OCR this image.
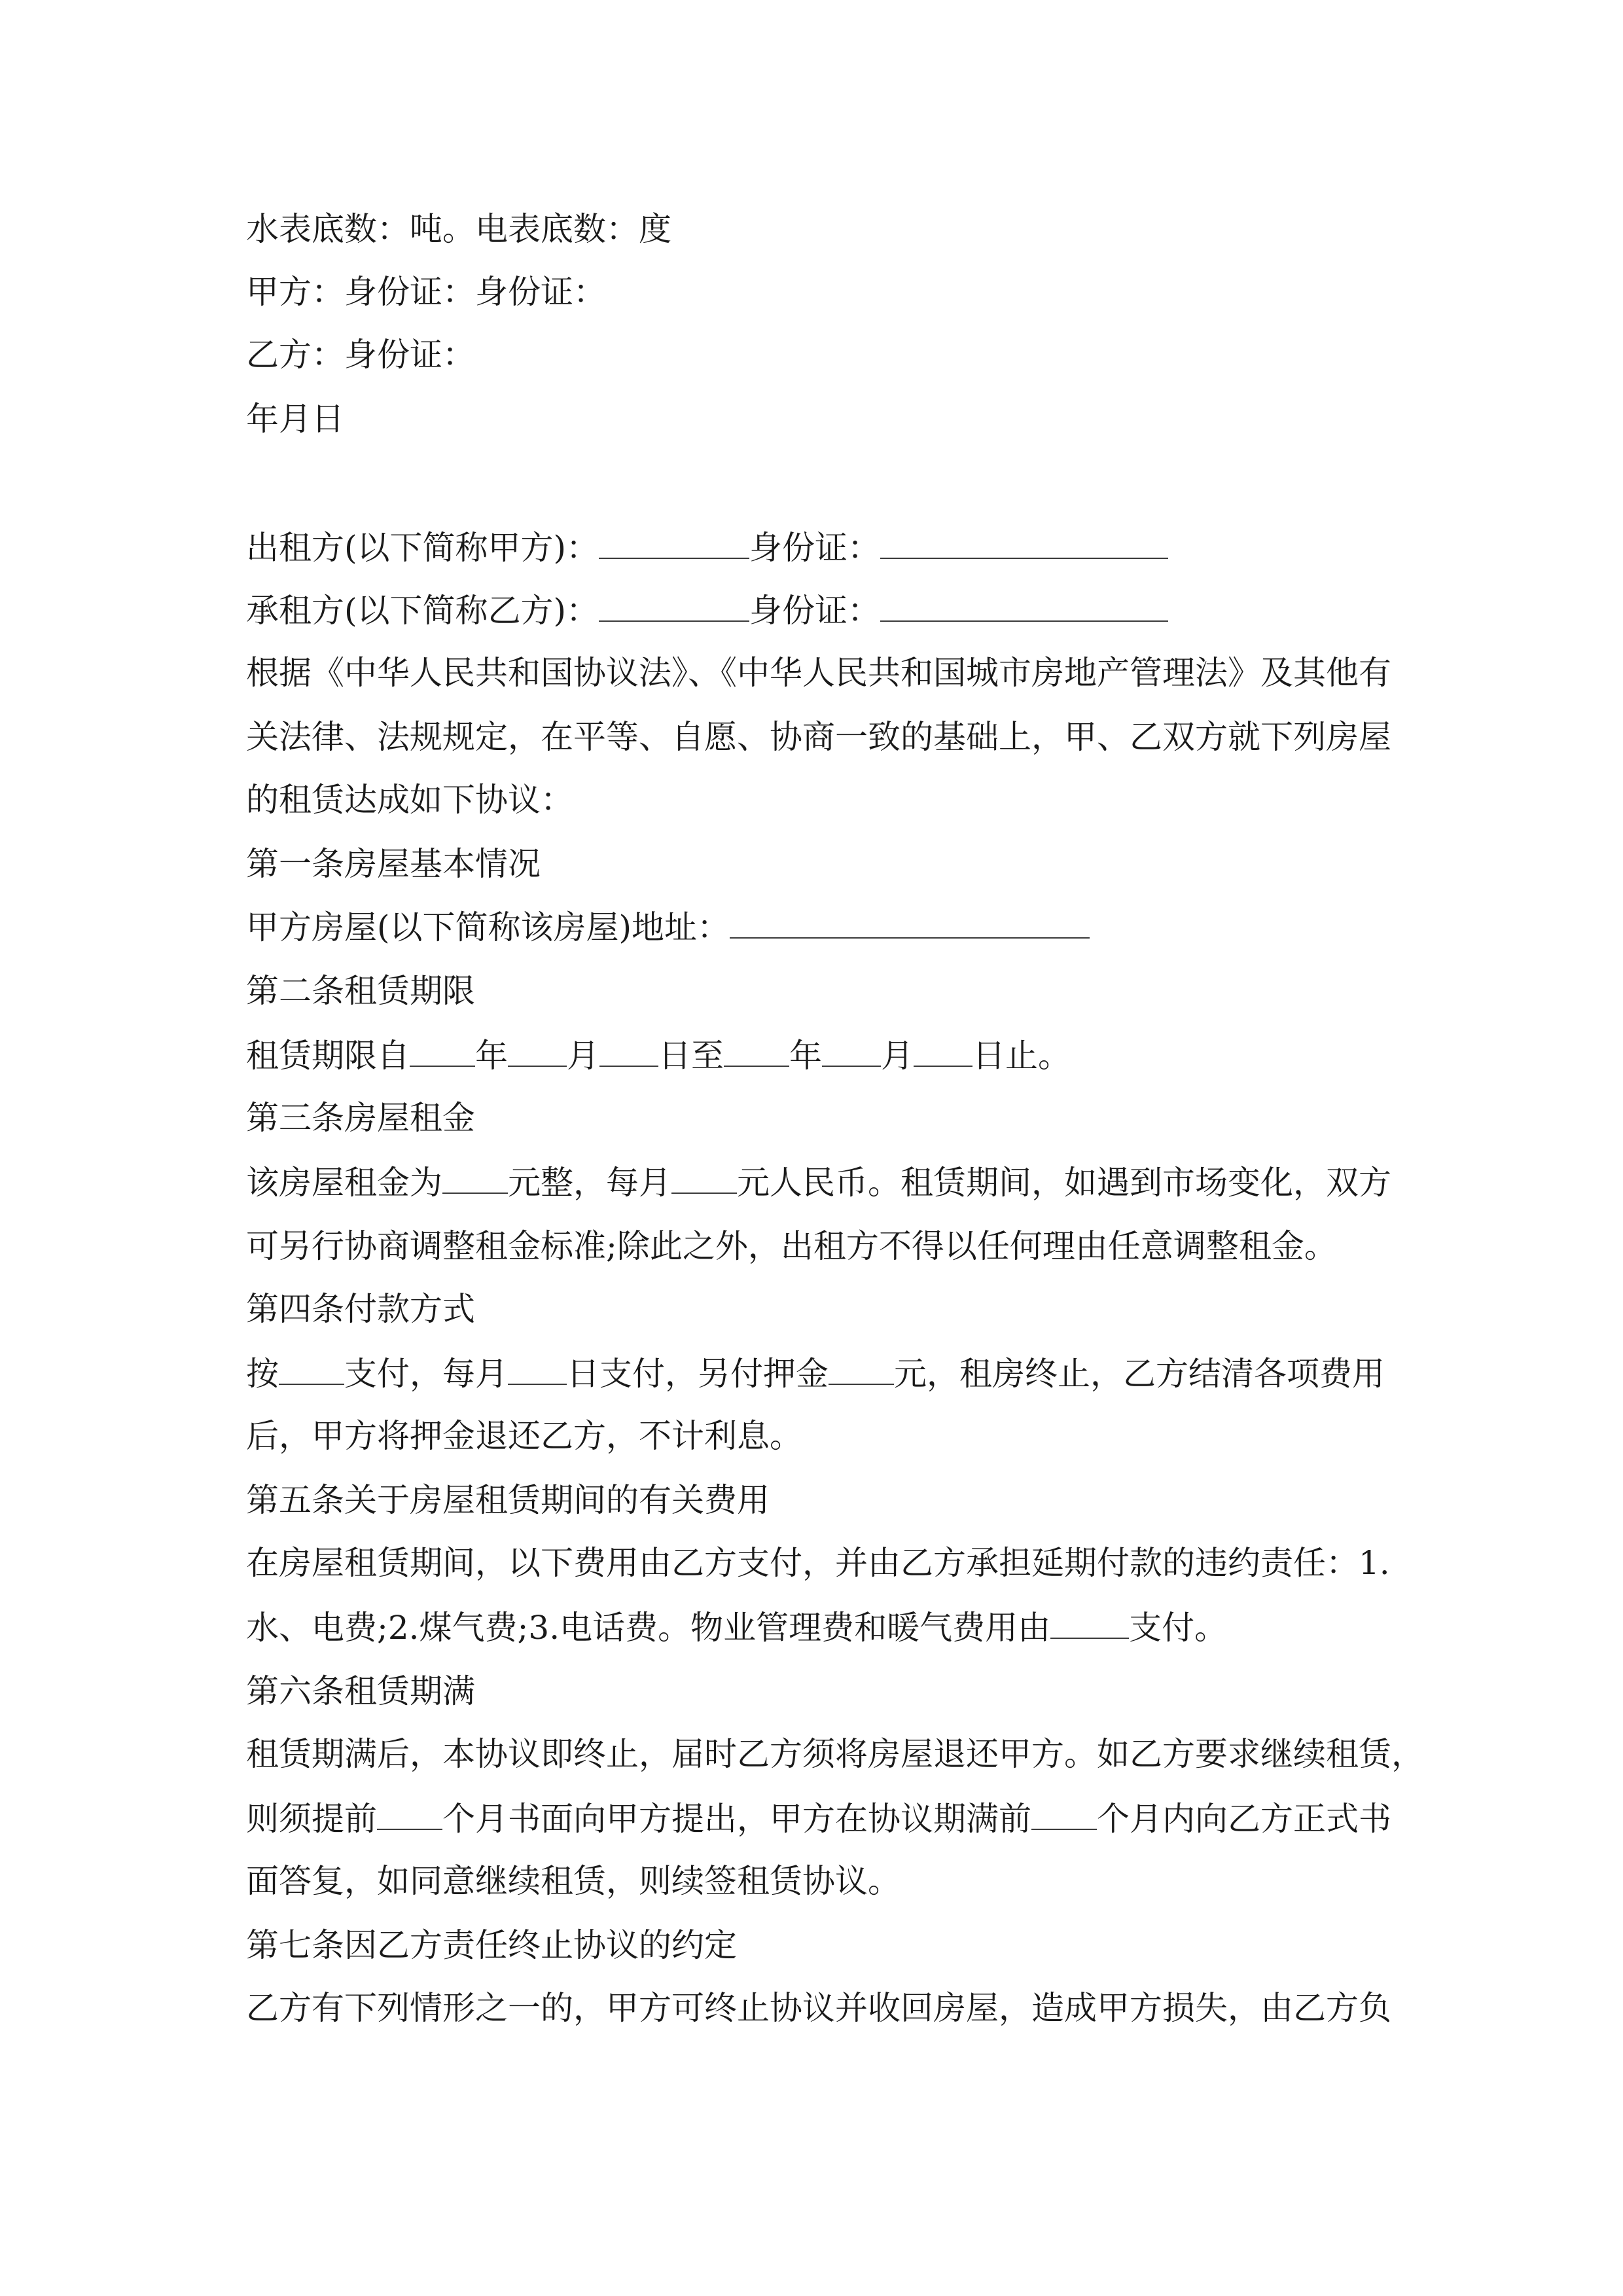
水表底数：吨。电表底数：度

甲方：身份证：身份证：

乙方：身份证：

年月日

出租方(以下简称甲方)：	身份证：

承租方(以下简称乙方)：	身份证：

根据《中华人民共和国协议法》、《中华人民共和国城市房地产管理法》及其他有

关法律、法规规定，在平等、自愿、协商一致的基础上，甲、乙双方就下列房屋

的租赁达成如下协议：

第一条房屋基本情况

甲方房屋(以下简称该房屋)地址：

第二条租赁期限

租赁期限自 年 月 日至 年 月 日止。

第三条房屋租金

该房屋租金为 元整，每月 元人民币。租赁期间，如遇到市场变化，双方

可另行协商调整租金标准;除此之外，出租方不得以任何理由任意调整租金。

第四条付款方式

按 支付，每月 日支付，另付押金 元，租房终止，乙方结清各项费用

后，甲方将押金退还乙方，不计利息。

第五条关于房屋租赁期间的有关费用

在房屋租赁期间，以下费用由乙方支付，并由乙方承担延期付款的违约责任：1.

水、电费;2.煤气费;3.电话费。物业管理费和暖气费用由 支付。

第六条租赁期满

租赁期满后，本协议即终止，届时乙方须将房屋退还甲方。如乙方要求继续租赁，

则须提前 个月书面向甲方提出，甲方在协议期满前 个月内向乙方正式书

面答复，如同意继续租赁，则续签租赁协议。

第七条因乙方责任终止协议的约定

乙方有下列情形之一的，甲方可终止协议并收回房屋，造成甲方损失，由乙方负
